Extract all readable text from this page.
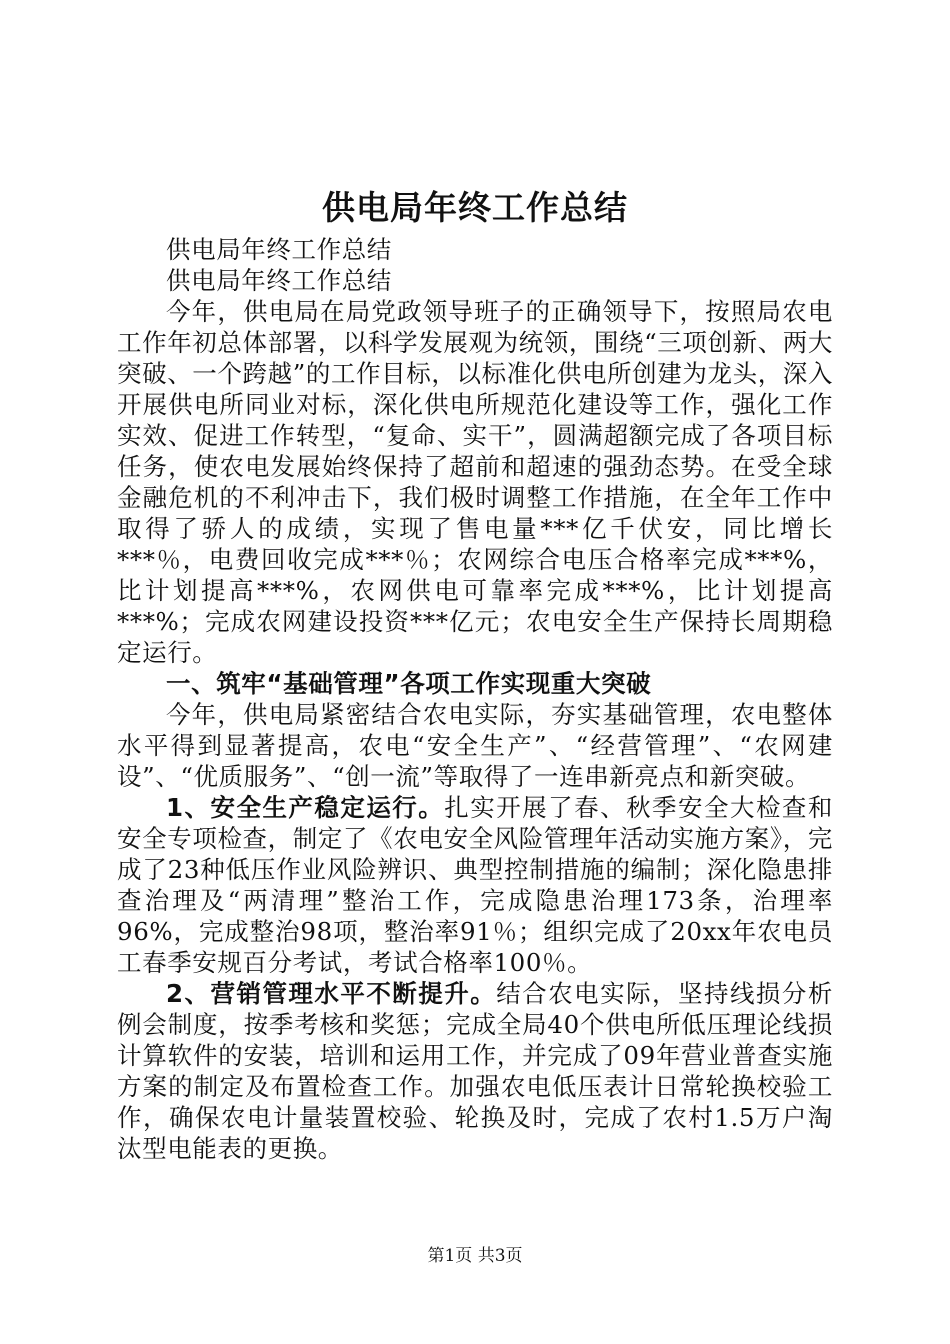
供电局年终工作总结

供电局年终工作总结

供电局年终工作总结

今年，供电局在局党政领导班子的正确领导下，按照局农电工作年初总体部署，以科学发展观为统领，围绕“三项创新、两大突破、一个跨越”的工作目标，以标准化供电所创建为龙头，深入开展供电所同业对标，深化供电所规范化建设等工作，强化工作实效、促进工作转型，“复命、实干”，圆满超额完成了各项目标任务，使农电发展始终保持了超前和超速的强劲态势。在受全球金融危机的不利冲击下，我们极时调整工作措施，在全年工作中取得了骄人的成绩，实现了售电量***亿千伏安，同比增长***％，电费回收完成***％；农网综合电压合格率完成***%，比计划提高***%，农网供电可靠率完成***%，比计划提高***%；完成农网建设投资***亿元；农电安全生产保持长周期稳定运行。

一、筑牢“基础管理”各项工作实现重大突破

今年，供电局紧密结合农电实际，夯实基础管理，农电整体水平得到显著提高，农电“安全生产”、“经营管理”、“农网建设”、“优质服务”、“创一流”等取得了一连串新亮点和新突破。

1、安全生产稳定运行。扎实开展了春、秋季安全大检查和安全专项检查，制定了《农电安全风险管理年活动实施方案》，完成了23种低压作业风险辨识、典型控制措施的编制；深化隐患排查治理及“两清理”整治工作，完成隐患治理173条，治理率96%，完成整治98项，整治率91％；组织完成了20xx年农电员工春季安规百分考试，考试合格率100％。

2、营销管理水平不断提升。结合农电实际，坚持线损分析例会制度，按季考核和奖惩；完成全局40个供电所低压理论线损计算软件的安装，培训和运用工作，并完成了09年营业普查实施方案的制定及布置检查工作。加强农电低压表计日常轮换校验工作，确保农电计量装置校验、轮换及时，完成了农村1.5万户淘汰型电能表的更换。

第1页 共3页
